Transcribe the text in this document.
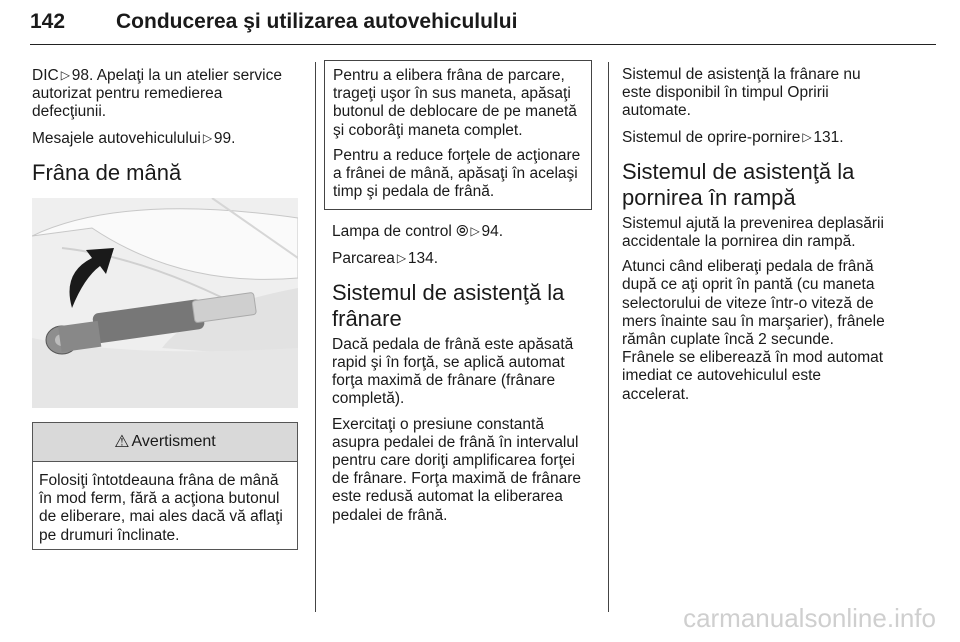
142 Conducerea şi utilizarea autovehiculului

DIC ▷ 98. Apelaţi la un atelier service autorizat pentru remedierea defecţiunii.

Mesajele autovehiculului ▷ 99.

Frâna de mână
⚠ Avertisment
Folosiţi întotdeauna frâna de mână în mod ferm, fără a acţiona butonul de eliberare, mai ales dacă vă aflaţi pe drumuri înclinate.

Pentru a elibera frâna de parcare, trageţi uşor în sus maneta, apăsaţi butonul de deblocare de pe manetă şi coborâţi maneta complet.

Pentru a reduce forţele de acţionare a frânei de mână, apăsaţi în acelaşi timp şi pedala de frână.

Lampa de control ⦾ ▷ 94.

Parcarea ▷ 134.

Sistemul de asistenţă la frânare

Dacă pedala de frână este apăsată rapid şi în forţă, se aplică automat forţa maximă de frânare (frânare completă).

Exercitaţi o presiune constantă asupra pedalei de frână în intervalul pentru care doriţi amplificarea forţei de frânare. Forţa maximă de frânare este redusă automat la eliberarea pedalei de frână.

Sistemul de asistenţă la frânare nu este disponibil în timpul Opririi automate.

Sistemul de oprire-pornire ▷ 131.

Sistemul de asistenţă la pornirea în rampă

Sistemul ajută la prevenirea deplasării accidentale la pornirea din rampă.

Atunci când eliberaţi pedala de frână după ce aţi oprit în pantă (cu maneta selectorului de viteze într-o viteză de mers înainte sau în marşarier), frânele rămân cuplate încă 2 secunde. Frânele se eliberează în mod automat imediat ce autovehiculul este accelerat.

carmanualsonline.info
